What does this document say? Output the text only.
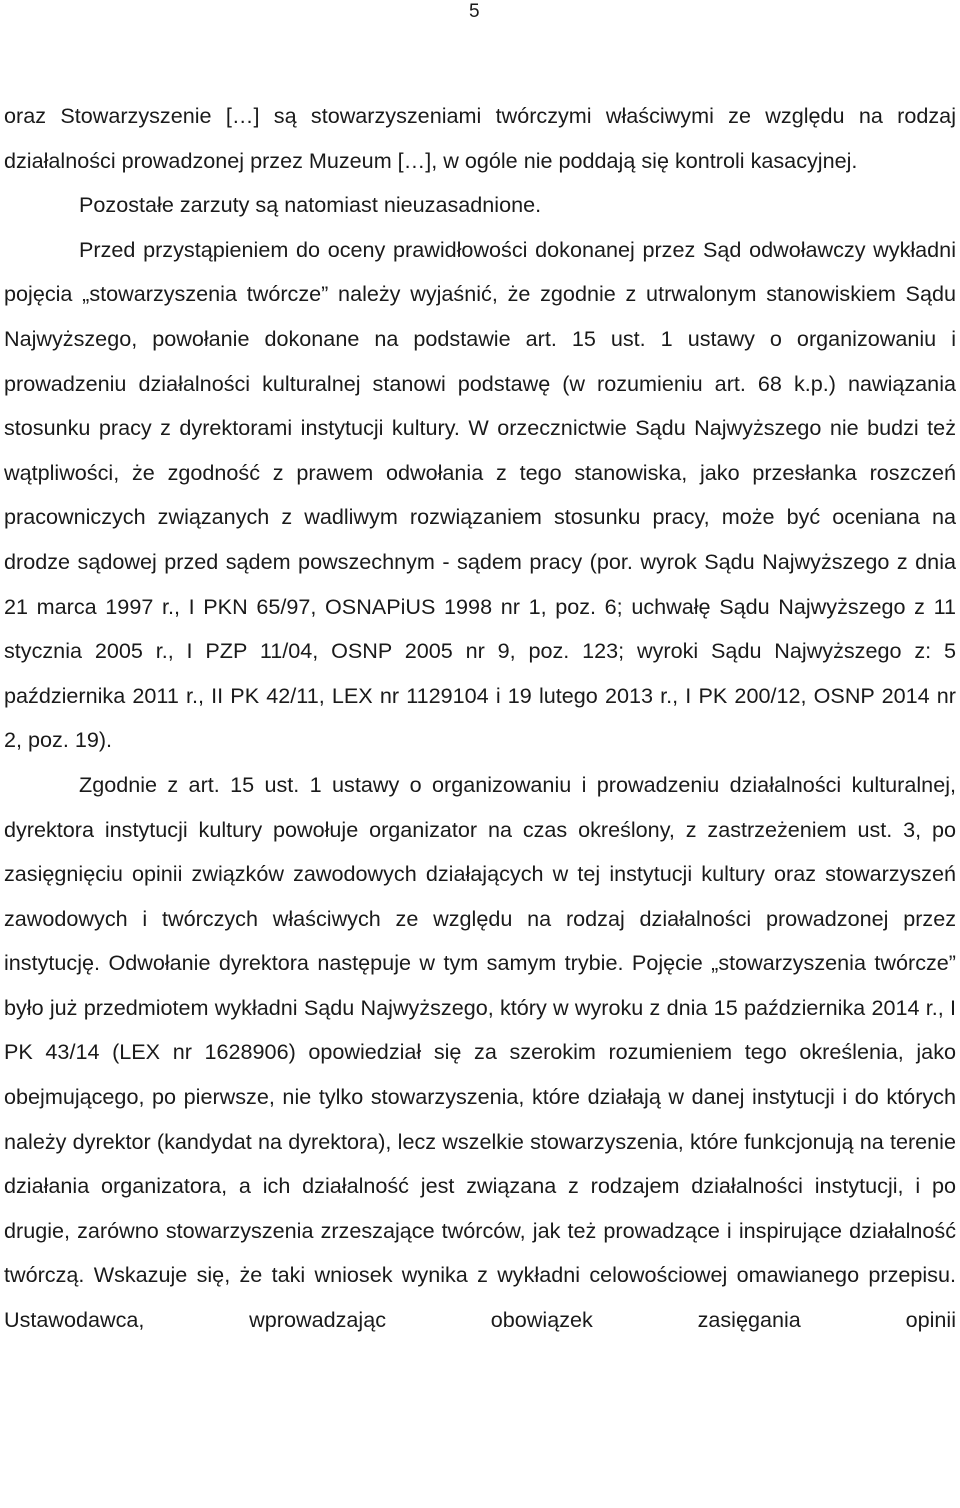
5

oraz Stowarzyszenie […] są stowarzyszeniami twórczymi właściwymi ze względu na rodzaj działalności prowadzonej przez Muzeum […], w ogóle nie poddają się kontroli kasacyjnej.

Pozostałe zarzuty są natomiast nieuzasadnione.

Przed przystąpieniem do oceny prawidłowości dokonanej przez Sąd odwoławczy wykładni pojęcia „stowarzyszenia twórcze” należy wyjaśnić, że zgodnie z utrwalonym stanowiskiem Sądu Najwyższego, powołanie dokonane na podstawie art. 15 ust. 1 ustawy o organizowaniu i prowadzeniu działalności kulturalnej stanowi podstawę (w rozumieniu art. 68 k.p.) nawiązania stosunku pracy z dyrektorami instytucji kultury. W orzecznictwie Sądu Najwyższego nie budzi też wątpliwości, że zgodność z prawem odwołania z tego stanowiska, jako przesłanka roszczeń pracowniczych związanych z wadliwym rozwiązaniem stosunku pracy, może być oceniana na drodze sądowej przed sądem powszechnym - sądem pracy (por. wyrok Sądu Najwyższego z dnia 21 marca 1997 r., I PKN 65/97, OSNAPiUS 1998 nr 1, poz. 6; uchwałę Sądu Najwyższego z 11 stycznia 2005 r., I PZP 11/04, OSNP 2005 nr 9, poz. 123; wyroki Sądu Najwyższego z: 5 października 2011 r., II PK 42/11, LEX nr 1129104 i 19 lutego 2013 r., I PK 200/12, OSNP 2014 nr 2, poz. 19).

Zgodnie z art. 15 ust. 1 ustawy o organizowaniu i prowadzeniu działalności kulturalnej, dyrektora instytucji kultury powołuje organizator na czas określony, z zastrzeżeniem ust. 3, po zasięgnięciu opinii związków zawodowych działających w tej instytucji kultury oraz stowarzyszeń zawodowych i twórczych właściwych ze względu na rodzaj działalności prowadzonej przez instytucję. Odwołanie dyrektora następuje w tym samym trybie. Pojęcie „stowarzyszenia twórcze” było już przedmiotem wykładni Sądu Najwyższego, który w wyroku z dnia 15 października 2014 r., I PK 43/14 (LEX nr 1628906) opowiedział się za szerokim rozumieniem tego określenia, jako obejmującego, po pierwsze, nie tylko stowarzyszenia, które działają w danej instytucji i do których należy dyrektor (kandydat na dyrektora), lecz wszelkie stowarzyszenia, które funkcjonują na terenie działania organizatora, a ich działalność jest związana z rodzajem działalności instytucji, i po drugie, zarówno stowarzyszenia zrzeszające twórców, jak też prowadzące i inspirujące działalność twórczą. Wskazuje się, że taki wniosek wynika z wykładni celowościowej omawianego przepisu. Ustawodawca, wprowadzając obowiązek zasięgania opinii
